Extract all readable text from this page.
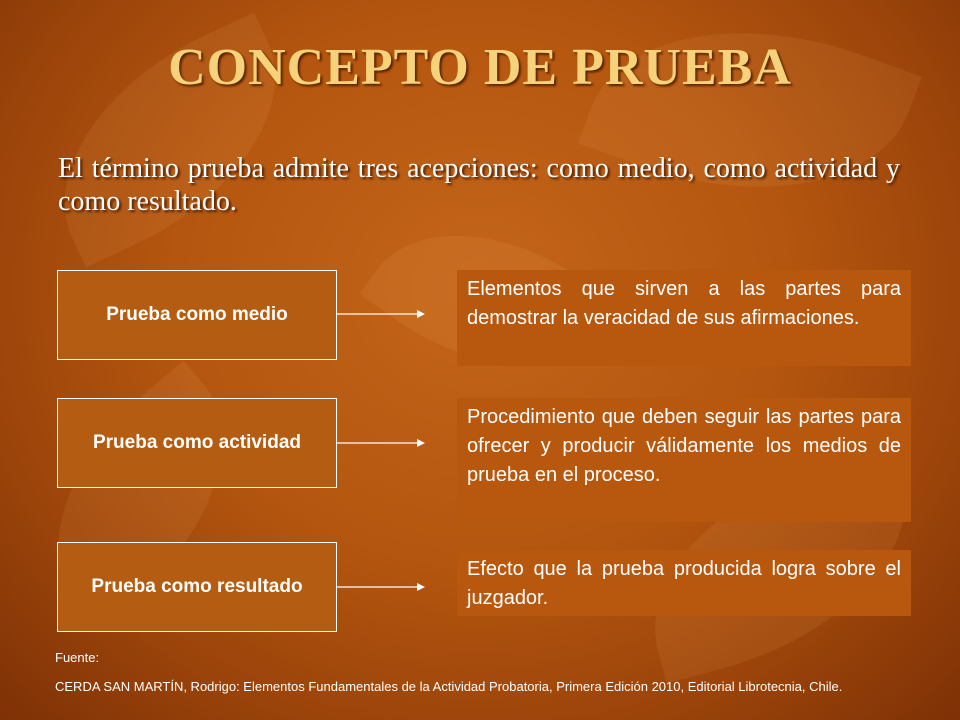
CONCEPTO DE PRUEBA

El término prueba admite tres acepciones: como medio, como actividad y como resultado.

Prueba como medio
Elementos que sirven a las partes para demostrar la veracidad de sus afirmaciones.
Prueba como actividad
Procedimiento que deben seguir las partes para ofrecer y producir válidamente los medios de prueba en el proceso.
Prueba como resultado
Efecto que la prueba producida logra sobre el juzgador.
Fuente:
CERDA SAN MARTÍN, Rodrigo: Elementos Fundamentales de la Actividad Probatoria, Primera Edición 2010, Editorial Librotecnia, Chile.
